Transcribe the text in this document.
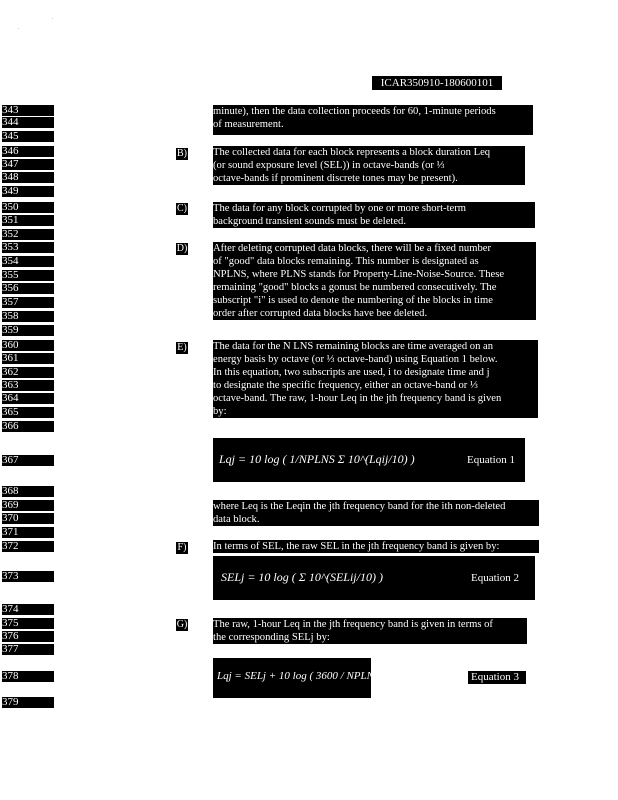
ICAR350910-180600101
343
344
345
346
347
348
349
350
351
352
353
354
355
356
357
358
359
360
361
362
363
364
365
366
367
368
369
370
371
372
373
374
375
376
377
378
379

minute), then the data collection proceeds for 60, 1-minute periods

of measurement.

B) The collected data for each block represents a block duration Leq

(or sound exposure level (SEL)) in octave-bands (or ⅓

octave-bands if prominent discrete tones may be present).

C) The data for any block corrupted by one or more short-term

background transient sounds must be deleted.

D) After deleting corrupted data blocks, there will be a fixed number

of "good" data blocks remaining. This number is designated as

NPLNS, where PLNS stands for Property-Line-Noise-Source. These

remaining "good" blocks a gonust be numbered consecutively. The

subscript "i" is used to denote the numbering of the blocks in time

order after corrupted data blocks have bee deleted.

E) The data for the N LNS remaining blocks are time averaged on an

energy basis by octave (or ⅓ octave-band) using Equation 1 below.

In this equation, two subscripts are used, i to designate time and j

to designate the specific frequency, either an octave-band or ⅓

octave-band. The raw, 1-hour Leq in the jth frequency band is given

by:

Lqj = 10 log ( 1/NPLNS Σ 10^(Lqij/10) )	Equation 1

where Leq is the Leqin the jth frequency band for the ith non-deleted

data block.

F)	In terms of SEL, the raw SEL in the jth frequency band is given by:

SELj = 10 log ( Σ 10^(SELij/10) )	Equation 2
G) The raw, 1-hour Leq in the jth frequency band is given in terms of

the corresponding SELj by:

Lqj = SELj + 10 log ( 3600 / NPLNS ΔT )	Equation 3
